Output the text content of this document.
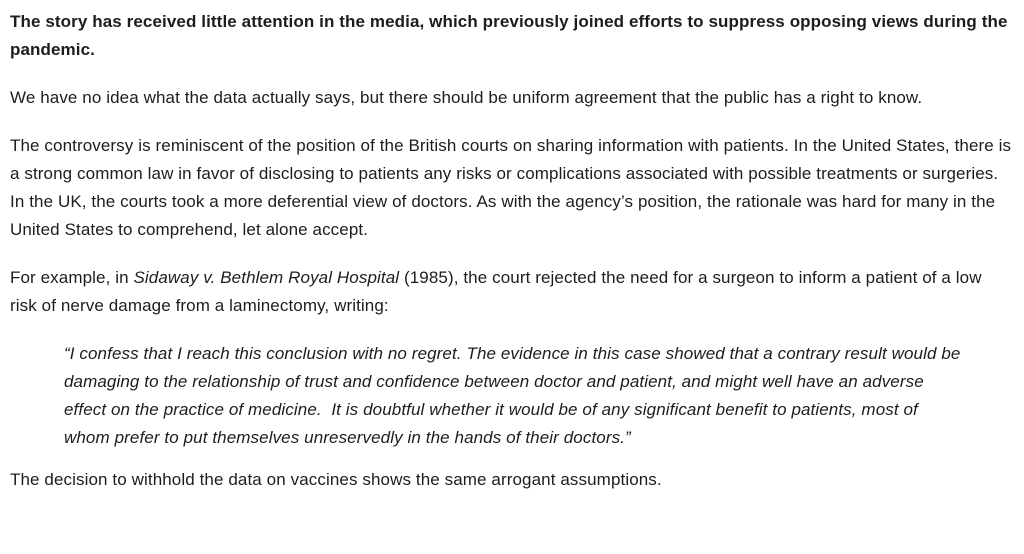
The story has received little attention in the media, which previously joined efforts to suppress opposing views during the pandemic.

We have no idea what the data actually says, but there should be uniform agreement that the public has a right to know.

The controversy is reminiscent of the position of the British courts on sharing information with patients. In the United States, there is a strong common law in favor of disclosing to patients any risks or complications associated with possible treatments or surgeries. In the UK, the courts took a more deferential view of doctors. As with the agency’s position, the rationale was hard for many in the United States to comprehend, let alone accept.

For example, in Sidaway v. Bethlem Royal Hospital (1985), the court rejected the need for a surgeon to inform a patient of a low risk of nerve damage from a laminectomy, writing:

“I confess that I reach this conclusion with no regret. The evidence in this case showed that a contrary result would be damaging to the relationship of trust and confidence between doctor and patient, and might well have an adverse effect on the practice of medicine.  It is doubtful whether it would be of any significant benefit to patients, most of whom prefer to put themselves unreservedly in the hands of their doctors.”

The decision to withhold the data on vaccines shows the same arrogant assumptions.
